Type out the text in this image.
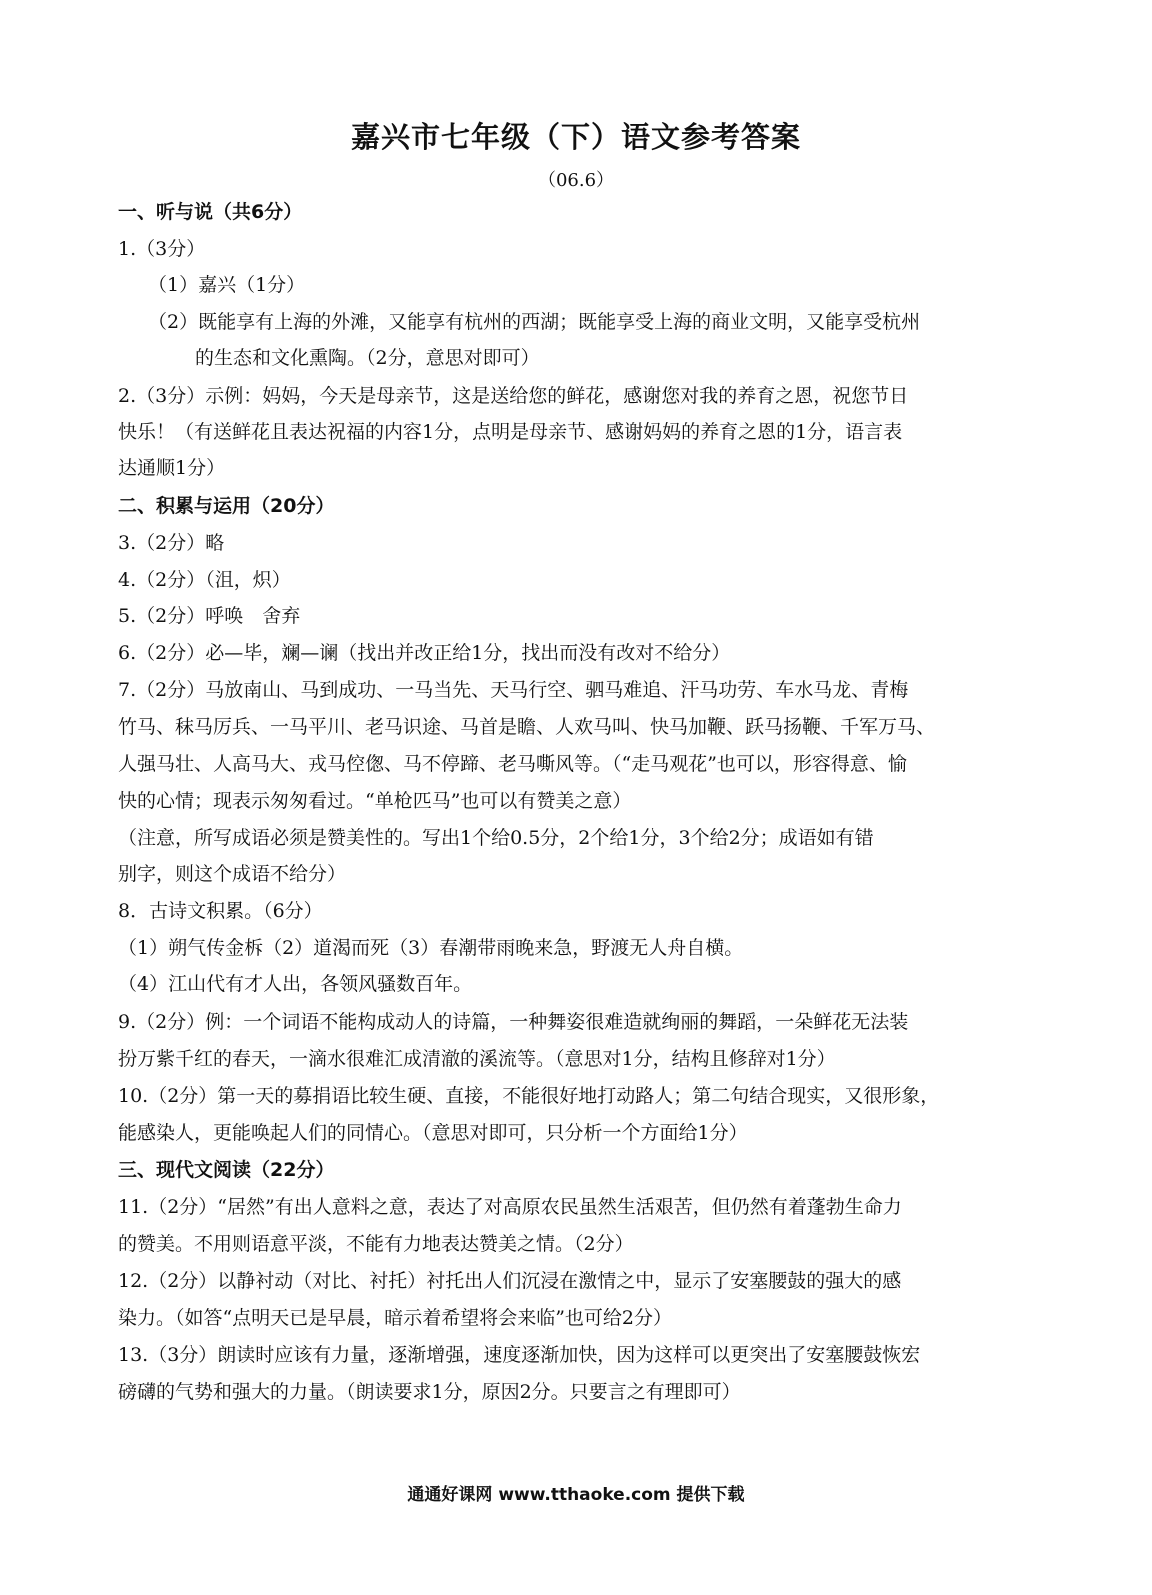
嘉兴市七年级（下）语文参考答案
（06.6）
一、听与说（共6分）
1.（3分）
（1）嘉兴（1分）
（2）既能享有上海的外滩，又能享有杭州的西湖；既能享受上海的商业文明，又能享受杭州
的生态和文化熏陶。（2分，意思对即可）
2.（3分）示例：妈妈，今天是母亲节，这是送给您的鲜花，感谢您对我的养育之恩，祝您节日
快乐！（有送鲜花且表达祝福的内容1分，点明是母亲节、感谢妈妈的养育之恩的1分，语言表
达通顺1分）
二、积累与运用（20分）
3.（2分）略
4.（2分）（沮，炽）
5.（2分）呼唤　舍弃
6.（2分）必—毕，斓—谰（找出并改正给1分，找出而没有改对不给分）
7.（2分）马放南山、马到成功、一马当先、天马行空、驷马难追、汗马功劳、车水马龙、青梅
竹马、秣马厉兵、一马平川、老马识途、马首是瞻、人欢马叫、快马加鞭、跃马扬鞭、千军万马、
人强马壮、人高马大、戎马倥偬、马不停蹄、老马嘶风等。（“走马观花”也可以，形容得意、愉
快的心情；现表示匆匆看过。“单枪匹马”也可以有赞美之意）
（注意，所写成语必须是赞美性的。写出1个给0.5分，2个给1分，3个给2分；成语如有错
别字，则这个成语不给分）
8．古诗文积累。（6分）
（1）朔气传金柝（2）道渴而死（3）春潮带雨晚来急，野渡无人舟自横。
（4）江山代有才人出，各领风骚数百年。
9.（2分）例：一个词语不能构成动人的诗篇，一种舞姿很难造就绚丽的舞蹈，一朵鲜花无法装
扮万紫千红的春天，一滴水很难汇成清澈的溪流等。（意思对1分，结构且修辞对1分）
10.（2分）第一天的募捐语比较生硬、直接，不能很好地打动路人；第二句结合现实，又很形象，
能感染人，更能唤起人们的同情心。（意思对即可，只分析一个方面给1分）
三、现代文阅读（22分）
11.（2分）“居然”有出人意料之意，表达了对高原农民虽然生活艰苦，但仍然有着蓬勃生命力
的赞美。不用则语意平淡，不能有力地表达赞美之情。（2分）
12.（2分）以静衬动（对比、衬托）衬托出人们沉浸在激情之中，显示了安塞腰鼓的强大的感
染力。（如答“点明天已是早晨，暗示着希望将会来临”也可给2分）
13.（3分）朗读时应该有力量，逐渐增强，速度逐渐加快，因为这样可以更突出了安塞腰鼓恢宏
磅礴的气势和强大的力量。（朗读要求1分，原因2分。只要言之有理即可）
通通好课网 www.tthaoke.com 提供下载
